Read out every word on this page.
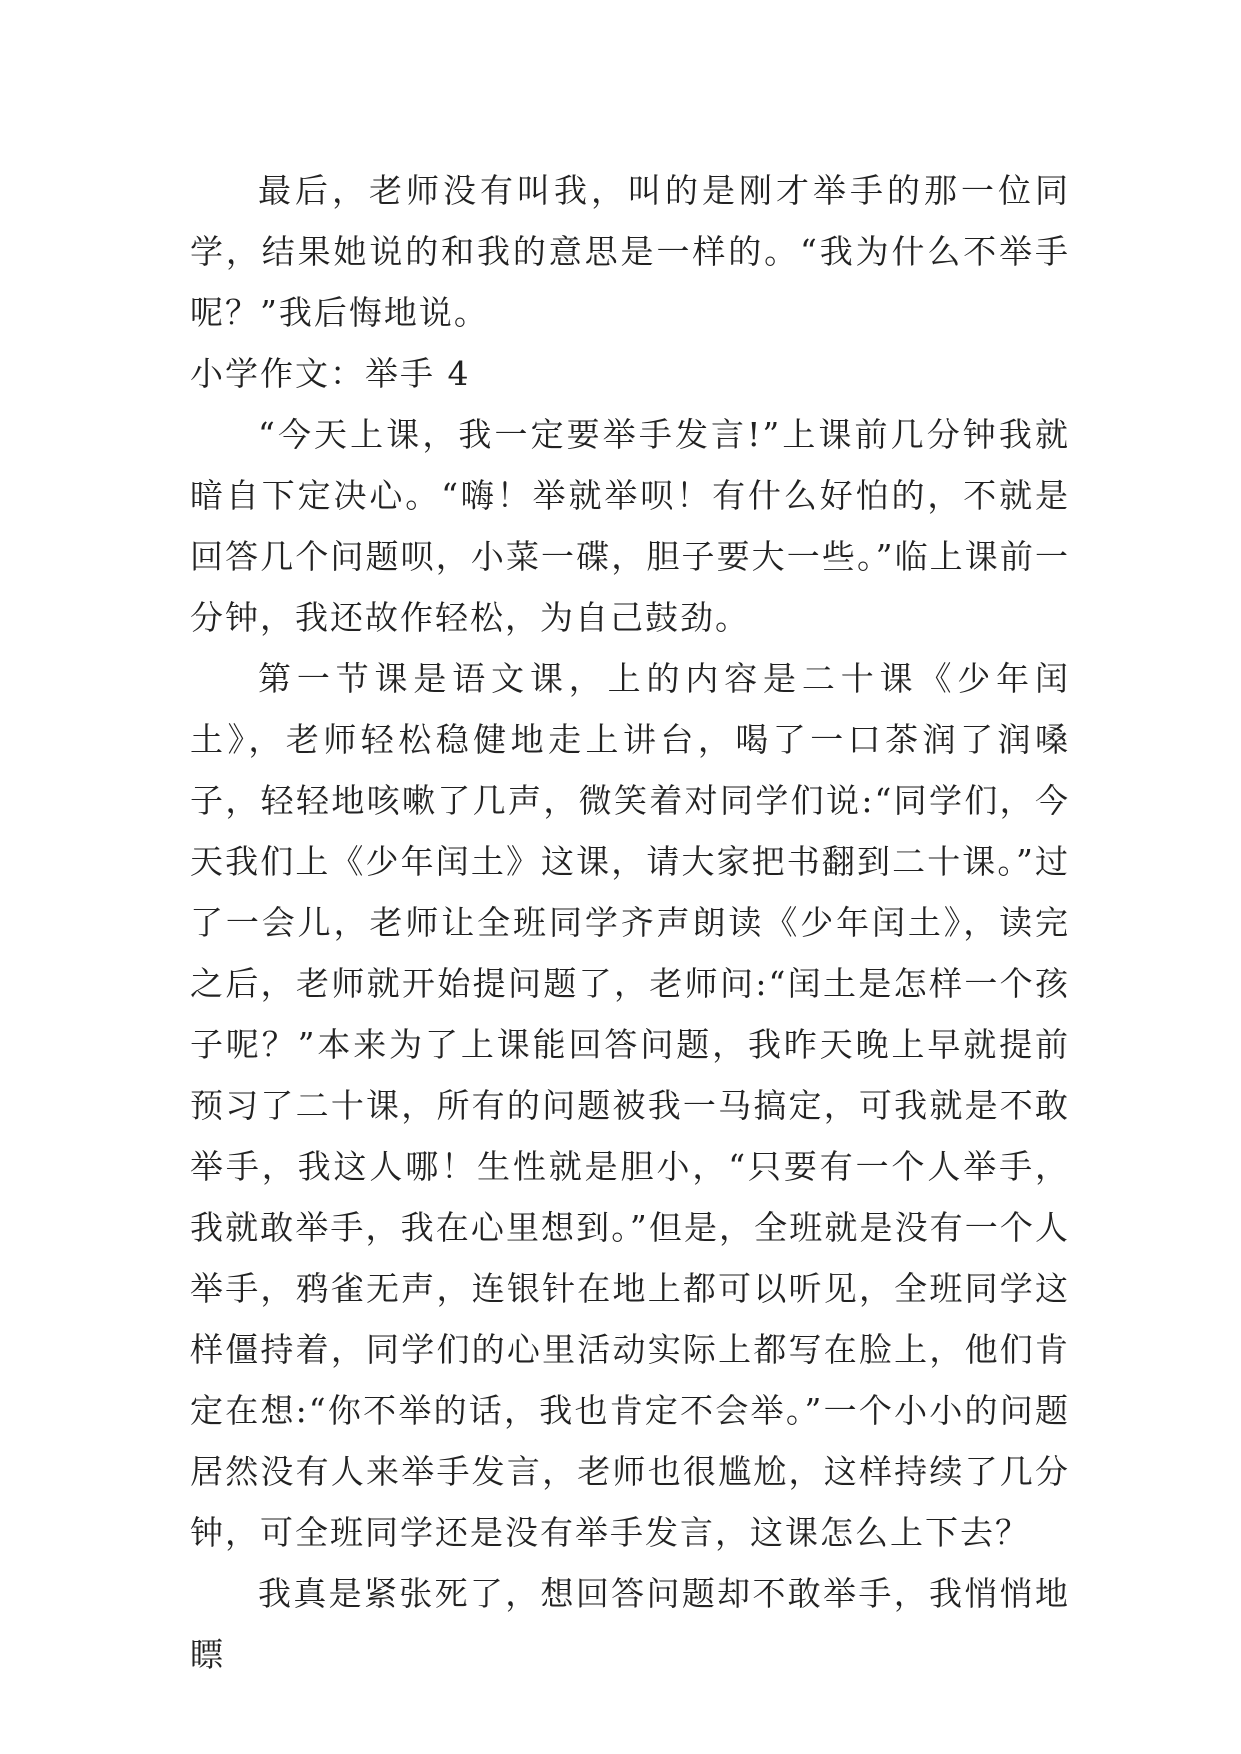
最后，老师没有叫我，叫的是刚才举手的那一位同学，结果她说的和我的意思是一样的。“我为什么不举手呢？”我后悔地说。

小学作文：举手 4

“今天上课，我一定要举手发言!”上课前几分钟我就暗自下定决心。“嗨！举就举呗！有什么好怕的，不就是回答几个问题呗，小菜一碟，胆子要大一些。”临上课前一分钟，我还故作轻松，为自己鼓劲。

第一节课是语文课，上的内容是二十课《少年闰土》，老师轻松稳健地走上讲台，喝了一口茶润了润嗓子，轻轻地咳嗽了几声，微笑着对同学们说:“同学们，今天我们上《少年闰土》这课，请大家把书翻到二十课。”过了一会儿，老师让全班同学齐声朗读《少年闰土》，读完之后，老师就开始提问题了，老师问:“闰土是怎样一个孩子呢？”本来为了上课能回答问题，我昨天晚上早就提前预习了二十课，所有的问题被我一马搞定，可我就是不敢举手，我这人哪！生性就是胆小，“只要有一个人举手，我就敢举手，我在心里想到。”但是，全班就是没有一个人举手，鸦雀无声，连银针在地上都可以听见，全班同学这样僵持着，同学们的心里活动实际上都写在脸上，他们肯定在想:“你不举的话，我也肯定不会举。”一个小小的问题居然没有人来举手发言，老师也很尴尬，这样持续了几分钟，可全班同学还是没有举手发言，这课怎么上下去？

我真是紧张死了，想回答问题却不敢举手，我悄悄地瞟
